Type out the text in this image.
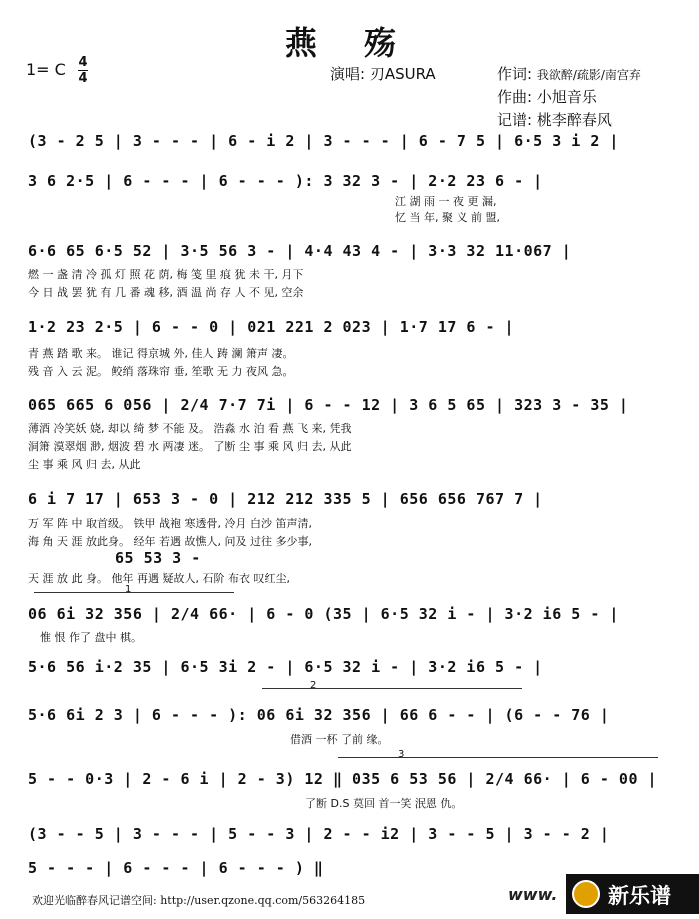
燕 殇
1= C 4
4	演唱: 刃ASURA	作词: 我欲醉/疏影/南宫弃
作曲: 小旭音乐
记谱: 桃李醉春风
(3 - 2 5 | 3 - - - | 6 - i 2 | 3 - - - | 6 - 7 5 | 6·5 3 i 2 |
3 6 2·5 | 6 - - - | 6 - - - ): 3 32 3 - | 2·2 23 6 - |
江 湖 雨 一 夜 更 漏,
忆 当 年, 聚 义 前 盟,
6·6 65 6·5 52 | 3·5 56 3 - | 4·4 43 4 - | 3·3 32 11·067 |
燃 一 盏 清 冷 孤 灯 照 花 荫, 梅 笺 里 痕 犹 未 干, 月下
今 日 战 罢 犹 有 几 番 魂 移, 酒 温 尚 存 人 不 见, 空余
1·2 23 2·5 | 6 - - 0 | 021 221 2 023 | 1·7 17 6 - |
青 燕 踏 歌 来。 谁记 得京城 外, 佳人 踌 澜 箫声 凄。
残 音 入 云 泥。 鲛绡 落珠帘 垂, 笙歌 无 力 夜风 急。
065 665 6 056 | 2/4 7·7 7i | 6 - - 12 | 3 6 5 65 | 323 3 - 35 |
薄酒 冷笑妖 娆, 却以 绮 梦 不能 及。 浩淼 水 泊 看 燕 飞 来, 凭我
洞箫 漠翠烟 渺, 烟波 碧 水 两凄 迷。 了断 尘 事 乘 风 归 去, 从此
尘 事 乘 风 归 去, 从此
6 i 7 17 | 653 3 - 0 | 212 212 335 5 | 656 656 767 7 |
万 军 阵 中 取首级。 铁甲 战袍 寒透骨, 冷月 白沙 笛声清,
海 角 天 涯 放此身。 经年 若遇 故憔人, 问及 过往 多少事,
65 53 3 -
天 涯 放 此 身。 他年 再遇 疑故人, 石阶 布衣 叹红尘,
1
06 6i 32 356 | 2/4 66· | 6 - 0 (35 | 6·5 32 i - | 3·2 i6 5 - |
惟 恨 作了 盘中 棋。
5·6 56 i·2 35 | 6·5 3i 2 - | 6·5 32 i - | 3·2 i6 5 - |
2
5·6 6i 2 3 | 6 - - - ): 06 6i 32 356 | 66 6 - - | (6 - - 76 |
借酒 一杯 了前 缘。
3
5 - - 0·3 | 2 - 6 i | 2 - 3) 12 ‖ 035 6 53 56 | 2/4 66· | 6 - 00 |
了断 D.S 莫回 首一笑 泯恩 仇。
(3 - - 5 | 3 - - - | 5 - - 3 | 2 - - i2 | 3 - - 5 | 3 - - 2 |
5 - - - | 6 - - - | 6 - - - ) ‖
欢迎光临醉春风记谱空间: http://user.qzone.qq.com/563264185	www. 新乐谱
